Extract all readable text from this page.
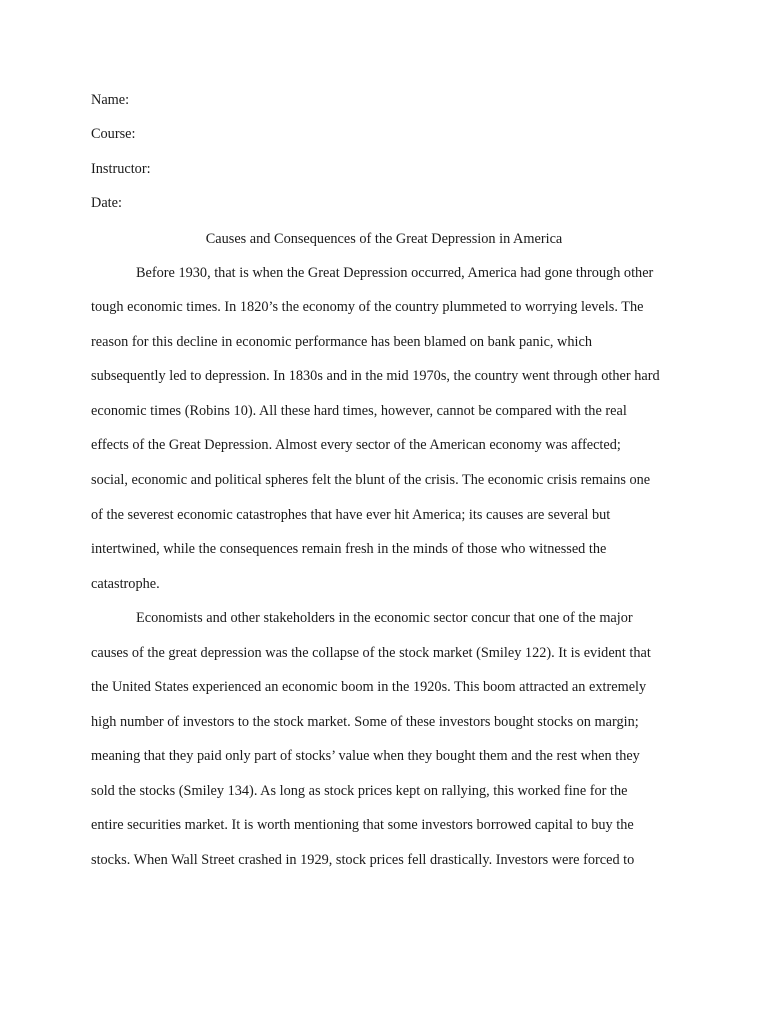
Name:
Course:
Instructor:
Date:
Causes and Consequences of the Great Depression in America
Before 1930, that is when the Great Depression occurred, America had gone through other
tough economic times. In 1820’s the economy of the country plummeted to worrying levels. The
reason for this decline in economic performance has been blamed on bank panic, which
subsequently led to depression. In 1830s and in the mid 1970s, the country went through other hard
economic times (Robins 10). All these hard times, however, cannot be compared with the real
effects of the Great Depression. Almost every sector of the American economy was affected;
social, economic and political spheres felt the blunt of the crisis. The economic crisis remains one
of the severest economic catastrophes that have ever hit America; its causes are several but
intertwined, while the consequences remain fresh in the minds of those who witnessed the
catastrophe.
Economists and other stakeholders in the economic sector concur that one of the major
causes of the great depression was the collapse of the stock market (Smiley 122). It is evident that
the United States experienced an economic boom in the 1920s. This boom attracted an extremely
high number of investors to the stock market. Some of these investors bought stocks on margin;
meaning that they paid only part of stocks’ value when they bought them and the rest when they
sold the stocks (Smiley 134). As long as stock prices kept on rallying, this worked fine for the
entire securities market. It is worth mentioning that some investors borrowed capital to buy the
stocks. When Wall Street crashed in 1929, stock prices fell drastically. Investors were forced to
